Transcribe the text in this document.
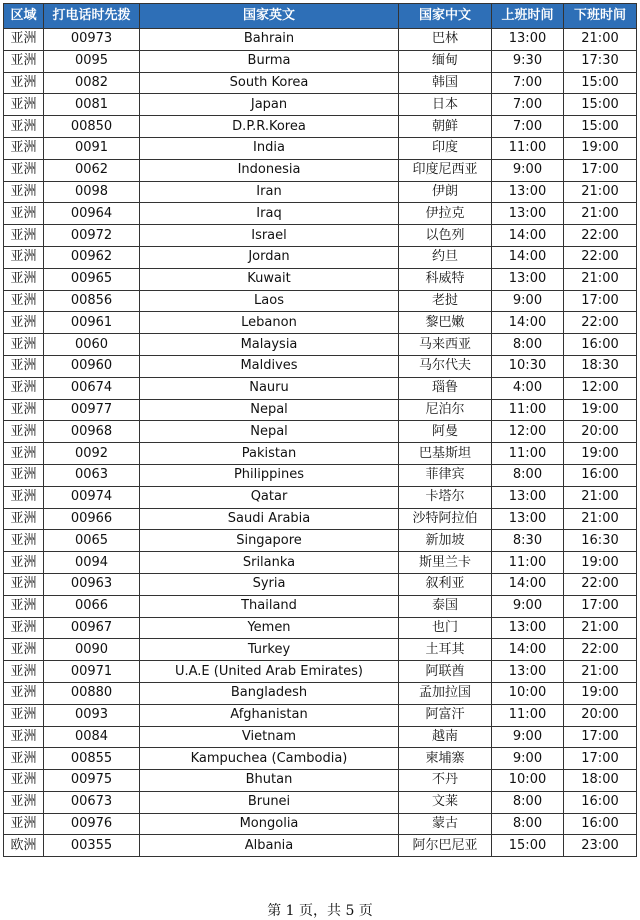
区域	打电话时先拨	国家英文	国家中文	上班时间	下班时间
亚洲	00973	Bahrain	巴林	13:00	21:00
亚洲	0095	Burma	缅甸	9:30	17:30
亚洲	0082	South Korea	韩国	7:00	15:00
亚洲	0081	Japan	日本	7:00	15:00
亚洲	00850	D.P.R.Korea	朝鲜	7:00	15:00
亚洲	0091	India	印度	11:00	19:00
亚洲	0062	Indonesia	印度尼西亚	9:00	17:00
亚洲	0098	Iran	伊朗	13:00	21:00
亚洲	00964	Iraq	伊拉克	13:00	21:00
亚洲	00972	Israel	以色列	14:00	22:00
亚洲	00962	Jordan	约旦	14:00	22:00
亚洲	00965	Kuwait	科威特	13:00	21:00
亚洲	00856	Laos	老挝	9:00	17:00
亚洲	00961	Lebanon	黎巴嫩	14:00	22:00
亚洲	0060	Malaysia	马来西亚	8:00	16:00
亚洲	00960	Maldives	马尔代夫	10:30	18:30
亚洲	00674	Nauru	瑙鲁	4:00	12:00
亚洲	00977	Nepal	尼泊尔	11:00	19:00
亚洲	00968	Nepal	阿曼	12:00	20:00
亚洲	0092	Pakistan	巴基斯坦	11:00	19:00
亚洲	0063	Philippines	菲律宾	8:00	16:00
亚洲	00974	Qatar	卡塔尔	13:00	21:00
亚洲	00966	Saudi Arabia	沙特阿拉伯	13:00	21:00
亚洲	0065	Singapore	新加坡	8:30	16:30
亚洲	0094	Srilanka	斯里兰卡	11:00	19:00
亚洲	00963	Syria	叙利亚	14:00	22:00
亚洲	0066	Thailand	泰国	9:00	17:00
亚洲	00967	Yemen	也门	13:00	21:00
亚洲	0090	Turkey	土耳其	14:00	22:00
亚洲	00971	U.A.E (United Arab Emirates)	阿联酋	13:00	21:00
亚洲	00880	Bangladesh	孟加拉国	10:00	19:00
亚洲	0093	Afghanistan	阿富汗	11:00	20:00
亚洲	0084	Vietnam	越南	9:00	17:00
亚洲	00855	Kampuchea (Cambodia)	柬埔寨	9:00	17:00
亚洲	00975	Bhutan	不丹	10:00	18:00
亚洲	00673	Brunei	文莱	8:00	16:00
亚洲	00976	Mongolia	蒙古	8:00	16:00
欧洲	00355	Albania	阿尔巴尼亚	15:00	23:00
第 1 页，共 5 页
